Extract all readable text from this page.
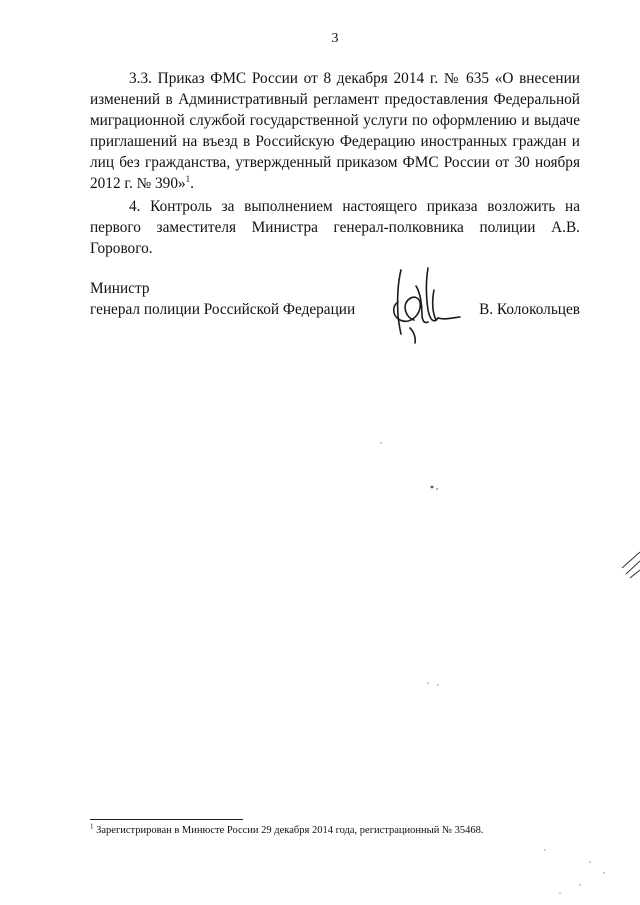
3

3.3. Приказ ФМС России от 8 декабря 2014 г. № 635 «О внесении изменений в Административный регламент предоставления Федеральной миграционной службой государственной услуги по оформлению и выдаче приглашений на въезд в Российскую Федерацию иностранных граждан и лиц без гражданства, утвержденный приказом ФМС России от 30 ноября 2012 г. № 390»$^1$.

4. Контроль за выполнением настоящего приказа возложить на первого заместителя Министра генерал-полковника полиции А.В. Горового.

Министр
генерал полиции Российской Федерации	В. Колокольцев
$^1$ Зарегистрирован в Минюсте России 29 декабря 2014 года, регистрационный № 35468.
